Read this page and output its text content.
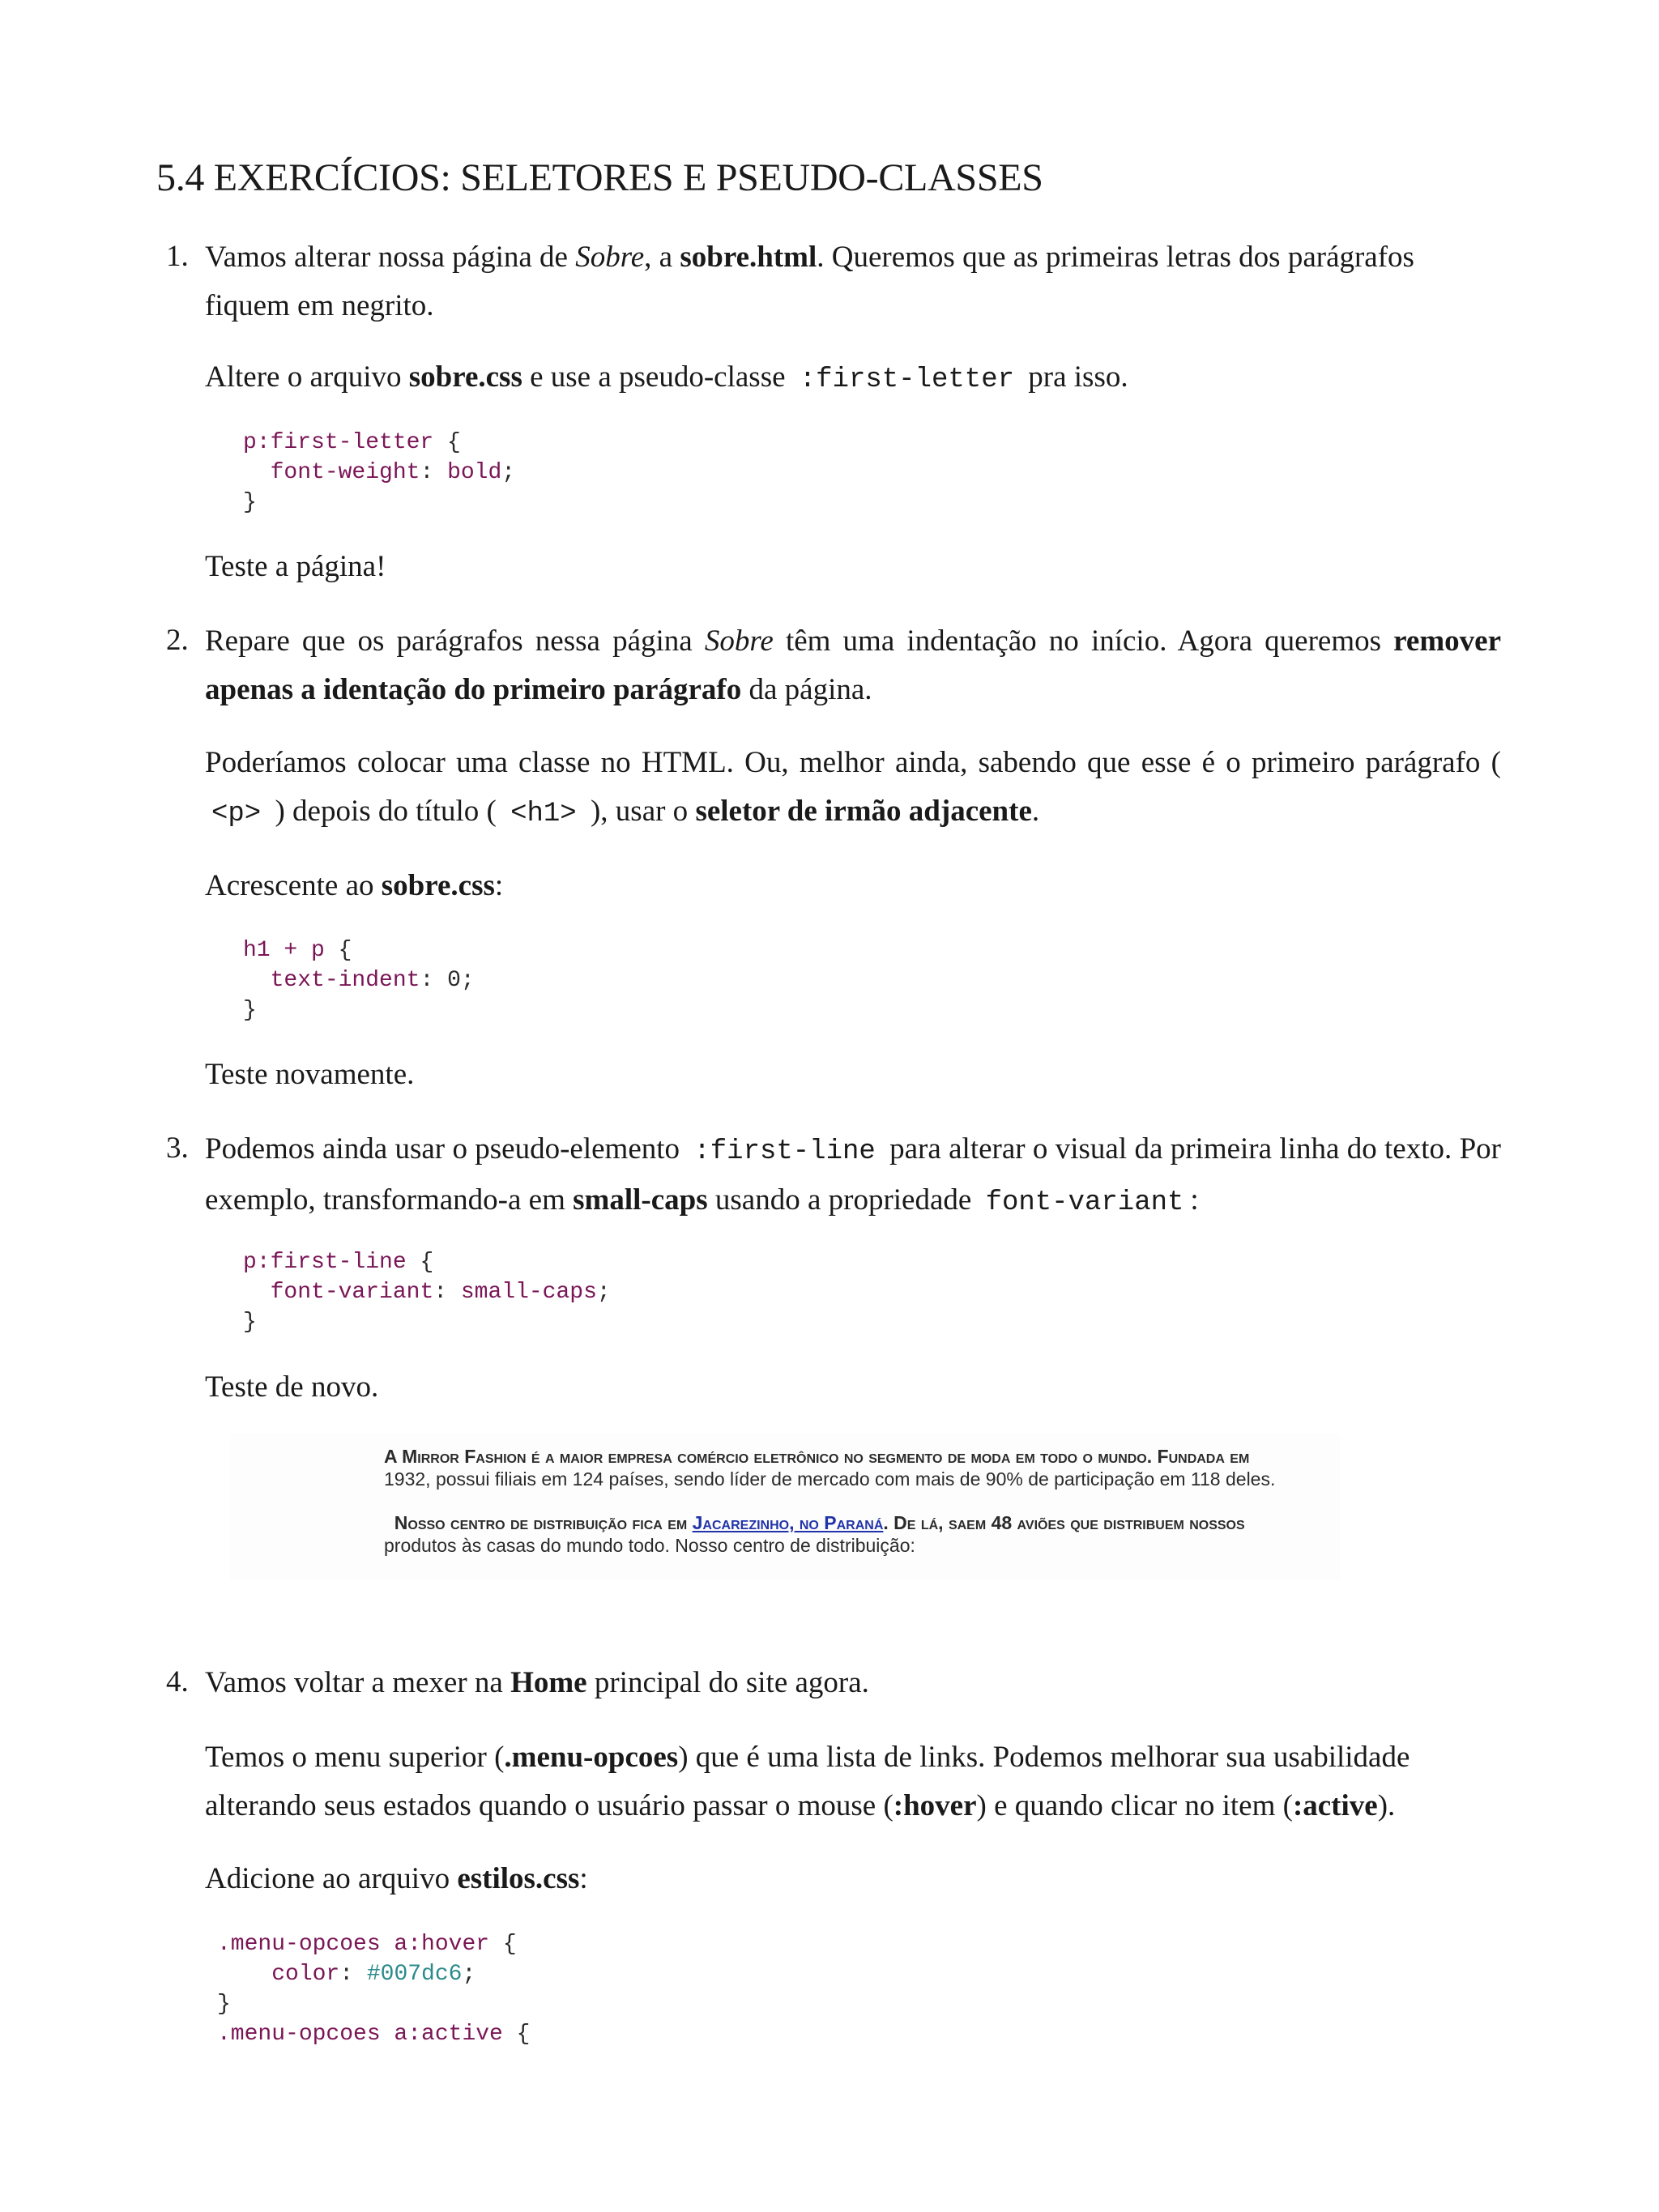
5.4 EXERCÍCIOS: SELETORES E PSEUDO-CLASSES
1. Vamos alterar nossa página de Sobre, a sobre.html. Queremos que as primeiras letras dos parágrafos fiquem em negrito.

Altere o arquivo sobre.css e use a pseudo-classe :first-letter pra isso.

p:first-letter {
font-weight: bold;
}

Teste a página!

2. Repare que os parágrafos nessa página Sobre têm uma indentação no início. Agora queremos remover apenas a identação do primeiro parágrafo da página.

Poderíamos colocar uma classe no HTML. Ou, melhor ainda, sabendo que esse é o primeiro parágrafo ( <p> ) depois do título ( <h1> ), usar o seletor de irmão adjacente.

Acrescente ao sobre.css:

h1 + p {
text-indent: 0;
}

Teste novamente.

3. Podemos ainda usar o pseudo-elemento :first-line para alterar o visual da primeira linha do texto. Por exemplo, transformando-a em small-caps usando a propriedade font-variant :

p:first-line {
font-variant: small-caps;
}

Teste de novo.

A Mirror Fashion é a maior empresa comércio eletrônico no segmento de moda em todo o mundo. Fundada em
1932, possui filiais em 124 países, sendo líder de mercado com mais de 90% de participação em 118 deles.

Nosso centro de distribuição fica em Jacarezinho, no Paraná. De lá, saem 48 aviões que distribuem nossos
produtos às casas do mundo todo. Nosso centro de distribuição:

4. Vamos voltar a mexer na Home principal do site agora.

Temos o menu superior (.menu-opcoes) que é uma lista de links. Podemos melhorar sua usabilidade alterando seus estados quando o usuário passar o mouse (:hover) e quando clicar no item (:active).

Adicione ao arquivo estilos.css:

.menu-opcoes a:hover {
color: #007dc6;
}
.menu-opcoes a:active {
